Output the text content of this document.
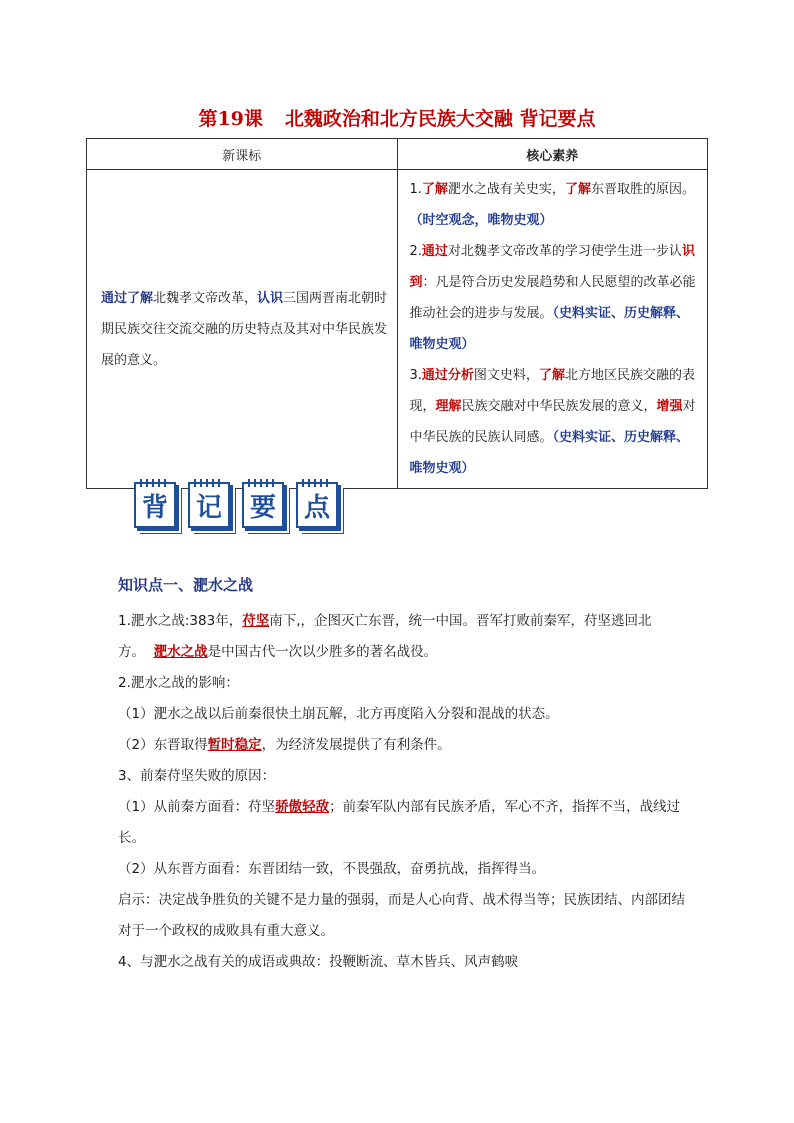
第19课 北魏政治和北方民族大交融 背记要点
新课标	核心素养
通过了解北魏孝文帝改革，认识三国两晋南北朝时期民族交往交流交融的历史特点及其对中华民族发展的意义。	1.了解淝水之战有关史实，了解东晋取胜的原因。（时空观念，唯物史观）
2.通过对北魏孝文帝改革的学习使学生进一步认识到：凡是符合历史发展趋势和人民愿望的改革必能推动社会的进步与发展。（史料实证、历史解释、唯物史观）
3.通过分析图文史料，了解北方地区民族交融的表现，理解民族交融对中华民族发展的意义，增强对中华民族的民族认同感。（史料实证、历史解释、唯物史观）
背 记 要 点
知识点一、淝水之战

1.淝水之战:383年，苻坚南下,，企图灭亡东晋，统一中国。晋军打败前秦军，苻坚逃回北方。 淝水之战是中国古代一次以少胜多的著名战役。

2.淝水之战的影响：

（1）淝水之战以后前秦很快土崩瓦解，北方再度陷入分裂和混战的状态。

（2）东晋取得暂时稳定，为经济发展提供了有利条件。

3、前秦苻坚失败的原因：

（1）从前秦方面看：苻坚骄傲轻敌；前秦军队内部有民族矛盾，军心不齐，指挥不当，战线过长。

（2）从东晋方面看：东晋团结一致，不畏强敌，奋勇抗战，指挥得当。

启示：决定战争胜负的关键不是力量的强弱，而是人心向背、战术得当等；民族团结、内部团结对于一个政权的成败具有重大意义。

4、与淝水之战有关的成语或典故：投鞭断流、草木皆兵、风声鹤唳
